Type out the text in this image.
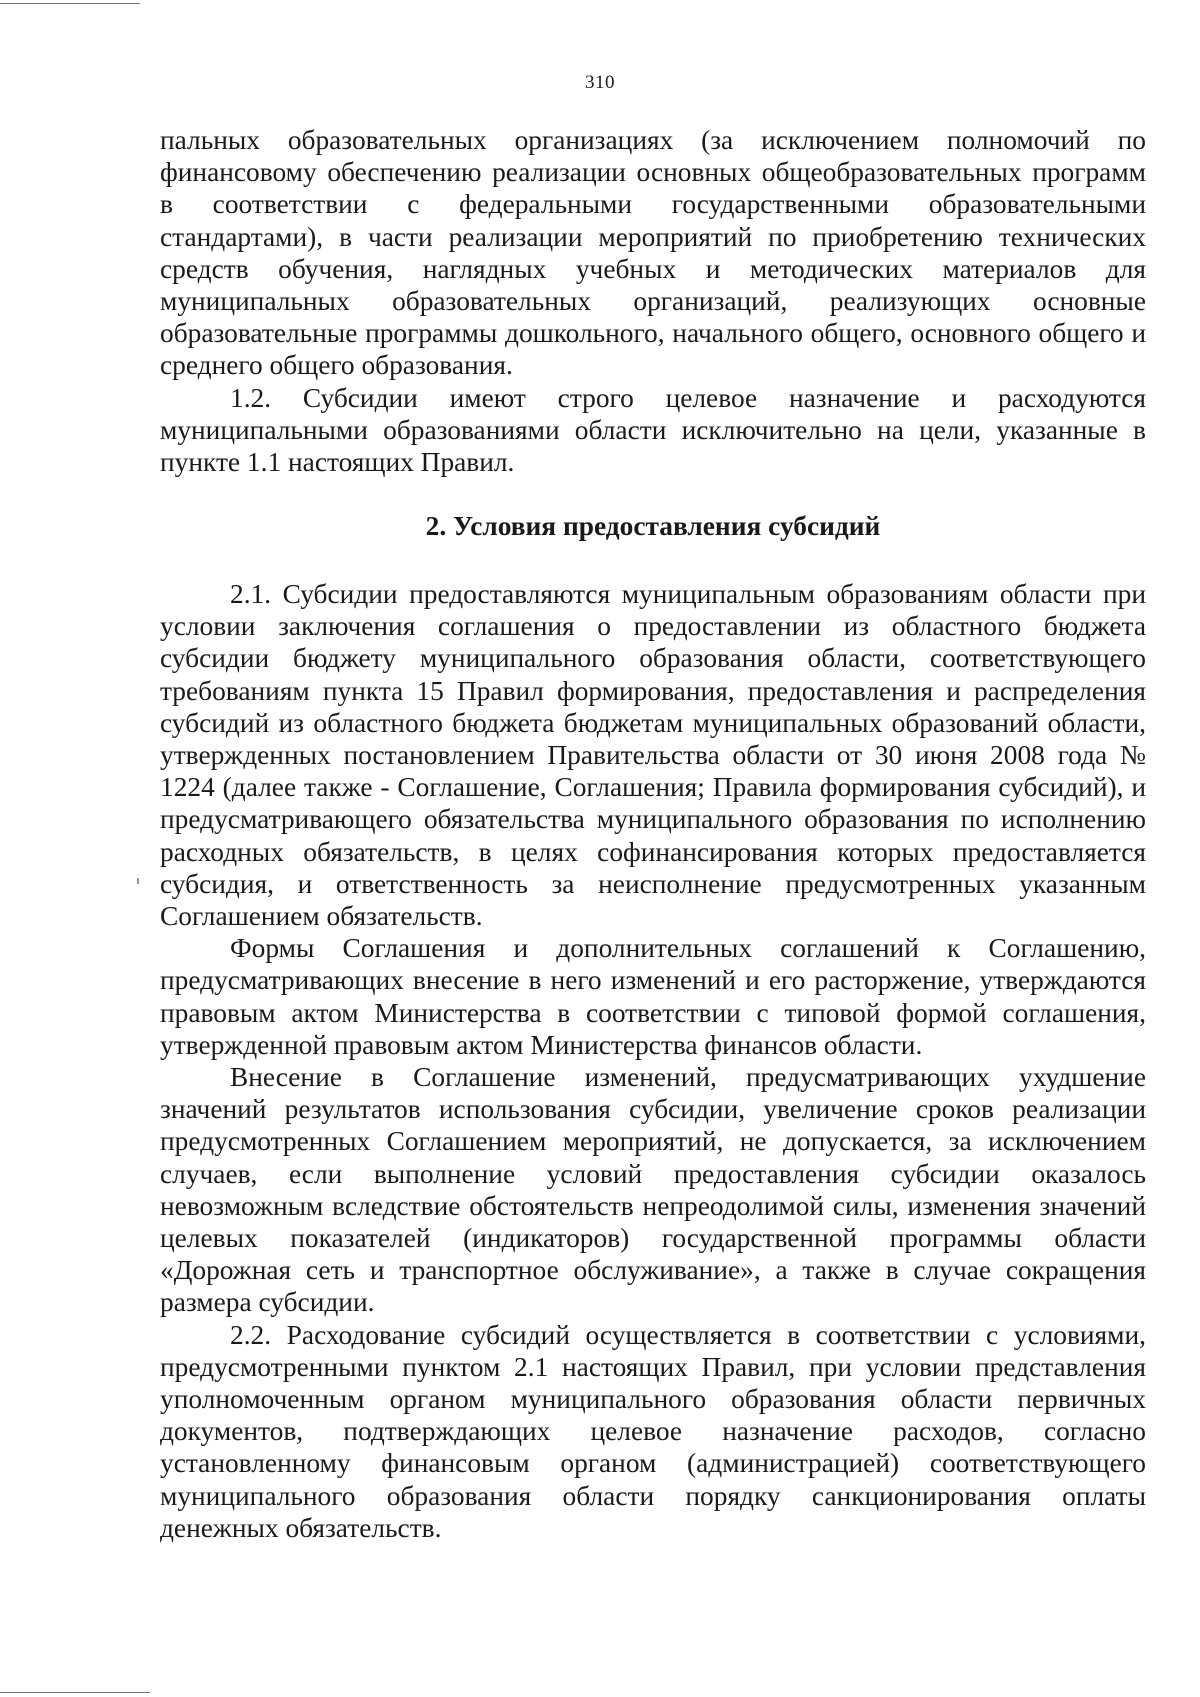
310

пальных образовательных организациях (за исключением полномочий по финансовому обеспечению реализации основных общеобразовательных программ в соответствии с федеральными государственными образовательными стандартами), в части реализации мероприятий по приобретению технических средств обучения, наглядных учебных и методических материалов для муниципальных образовательных организаций, реализующих основные образовательные программы дошкольного, начального общего, основного общего и среднего общего образования.

1.2. Субсидии имеют строго целевое назначение и расходуются муниципальными образованиями области исключительно на цели, указанные в пункте 1.1 настоящих Правил.

2. Условия предоставления субсидий

2.1. Субсидии предоставляются муниципальным образованиям области при условии заключения соглашения о предоставлении из областного бюджета субсидии бюджету муниципального образования области, соответствующего требованиям пункта 15 Правил формирования, предоставления и распределения субсидий из областного бюджета бюджетам муниципальных образований области, утвержденных постановлением Правительства области от 30 июня 2008 года № 1224 (далее также - Соглашение, Соглашения; Правила формирования субсидий), и предусматривающего обязательства муниципального образования по исполнению расходных обязательств, в целях софинансирования которых предоставляется субсидия, и ответственность за неисполнение предусмотренных указанным Соглашением обязательств.

Формы Соглашения и дополнительных соглашений к Соглашению, предусматривающих внесение в него изменений и его расторжение, утверждаются правовым актом Министерства в соответствии с типовой формой соглашения, утвержденной правовым актом Министерства финансов области.

Внесение в Соглашение изменений, предусматривающих ухудшение значений результатов использования субсидии, увеличение сроков реализации предусмотренных Соглашением мероприятий, не допускается, за исключением случаев, если выполнение условий предоставления субсидии оказалось невозможным вследствие обстоятельств непреодолимой силы, изменения значений целевых показателей (индикаторов) государственной программы области «Дорожная сеть и транспортное обслуживание», а также в случае сокращения размера субсидии.

2.2. Расходование субсидий осуществляется в соответствии с условиями, предусмотренными пунктом 2.1 настоящих Правил, при условии представления уполномоченным органом муниципального образования области первичных документов, подтверждающих целевое назначение расходов, согласно установленному финансовым органом (администрацией) соответствующего муниципального образования области порядку санкционирования оплаты денежных обязательств.
